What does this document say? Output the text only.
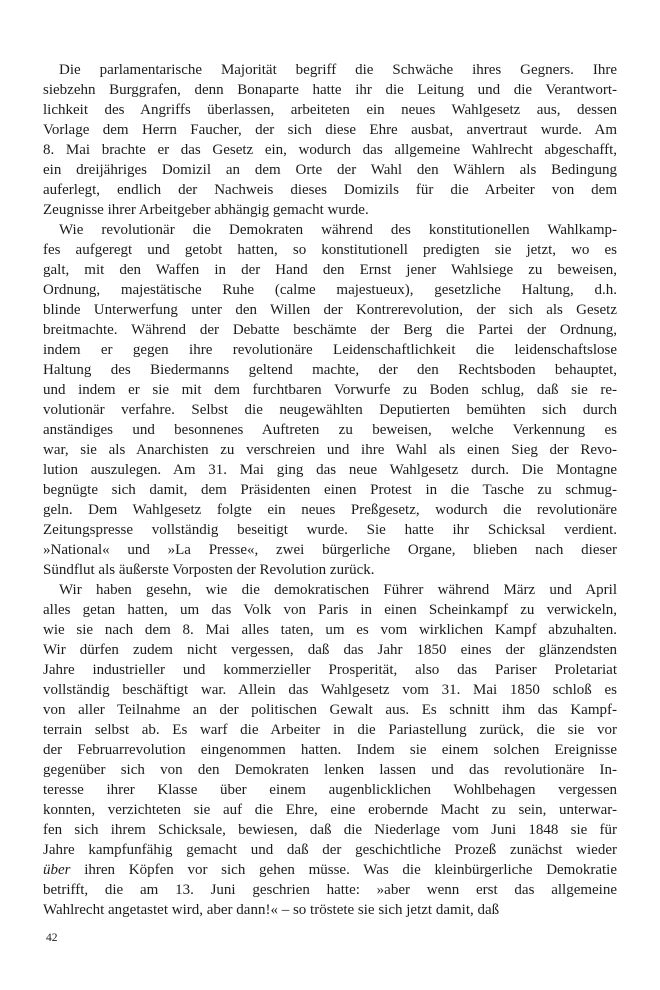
Die parlamentarische Majorität begriff die Schwäche ihres Gegners. Ihre
siebzehn Burggrafen, denn Bonaparte hatte ihr die Leitung und die Verantwort-
lichkeit des Angriffs überlassen, arbeiteten ein neues Wahlgesetz aus, dessen
Vorlage dem Herrn Faucher, der sich diese Ehre ausbat, anvertraut wurde. Am
8. Mai brachte er das Gesetz ein, wodurch das allgemeine Wahlrecht abgeschafft,
ein dreijähriges Domizil an dem Orte der Wahl den Wählern als Bedingung
auferlegt, endlich der Nachweis dieses Domizils für die Arbeiter von dem
Zeugnisse ihrer Arbeitgeber abhängig gemacht wurde.
Wie revolutionär die Demokraten während des konstitutionellen Wahlkamp-
fes aufgeregt und getobt hatten, so konstitutionell predigten sie jetzt, wo es
galt, mit den Waffen in der Hand den Ernst jener Wahlsiege zu beweisen,
Ordnung, majestätische Ruhe (calme majestueux), gesetzliche Haltung, d.h.
blinde Unterwerfung unter den Willen der Kontrerevolution, der sich als Gesetz
breitmachte. Während der Debatte beschämte der Berg die Partei der Ordnung,
indem er gegen ihre revolutionäre Leidenschaftlichkeit die leidenschaftslose
Haltung des Biedermanns geltend machte, der den Rechtsboden behauptet,
und indem er sie mit dem furchtbaren Vorwurfe zu Boden schlug, daß sie re-
volutionär verfahre. Selbst die neugewählten Deputierten bemühten sich durch
anständiges und besonnenes Auftreten zu beweisen, welche Verkennung es
war, sie als Anarchisten zu verschreien und ihre Wahl als einen Sieg der Revo-
lution auszulegen. Am 31. Mai ging das neue Wahlgesetz durch. Die Montagne
begnügte sich damit, dem Präsidenten einen Protest in die Tasche zu schmug-
geln. Dem Wahlgesetz folgte ein neues Preßgesetz, wodurch die revolutionäre
Zeitungspresse vollständig beseitigt wurde. Sie hatte ihr Schicksal verdient.
»National« und »La Presse«, zwei bürgerliche Organe, blieben nach dieser
Sündflut als äußerste Vorposten der Revolution zurück.
Wir haben gesehn, wie die demokratischen Führer während März und April
alles getan hatten, um das Volk von Paris in einen Scheinkampf zu verwickeln,
wie sie nach dem 8. Mai alles taten, um es vom wirklichen Kampf abzuhalten.
Wir dürfen zudem nicht vergessen, daß das Jahr 1850 eines der glänzendsten
Jahre industrieller und kommerzieller Prosperität, also das Pariser Proletariat
vollständig beschäftigt war. Allein das Wahlgesetz vom 31. Mai 1850 schloß es
von aller Teilnahme an der politischen Gewalt aus. Es schnitt ihm das Kampf-
terrain selbst ab. Es warf die Arbeiter in die Pariastellung zurück, die sie vor
der Februarrevolution eingenommen hatten. Indem sie einem solchen Ereignisse
gegenüber sich von den Demokraten lenken lassen und das revolutionäre In-
teresse ihrer Klasse über einem augenblicklichen Wohlbehagen vergessen
konnten, verzichteten sie auf die Ehre, eine erobernde Macht zu sein, unterwar-
fen sich ihrem Schicksale, bewiesen, daß die Niederlage vom Juni 1848 sie für
Jahre kampfunfähig gemacht und daß der geschichtliche Prozeß zunächst wieder
über ihren Köpfen vor sich gehen müsse. Was die kleinbürgerliche Demokratie
betrifft, die am 13. Juni geschrien hatte: »aber wenn erst das allgemeine
Wahlrecht angetastet wird, aber dann!« – so tröstete sie sich jetzt damit, daß
42
